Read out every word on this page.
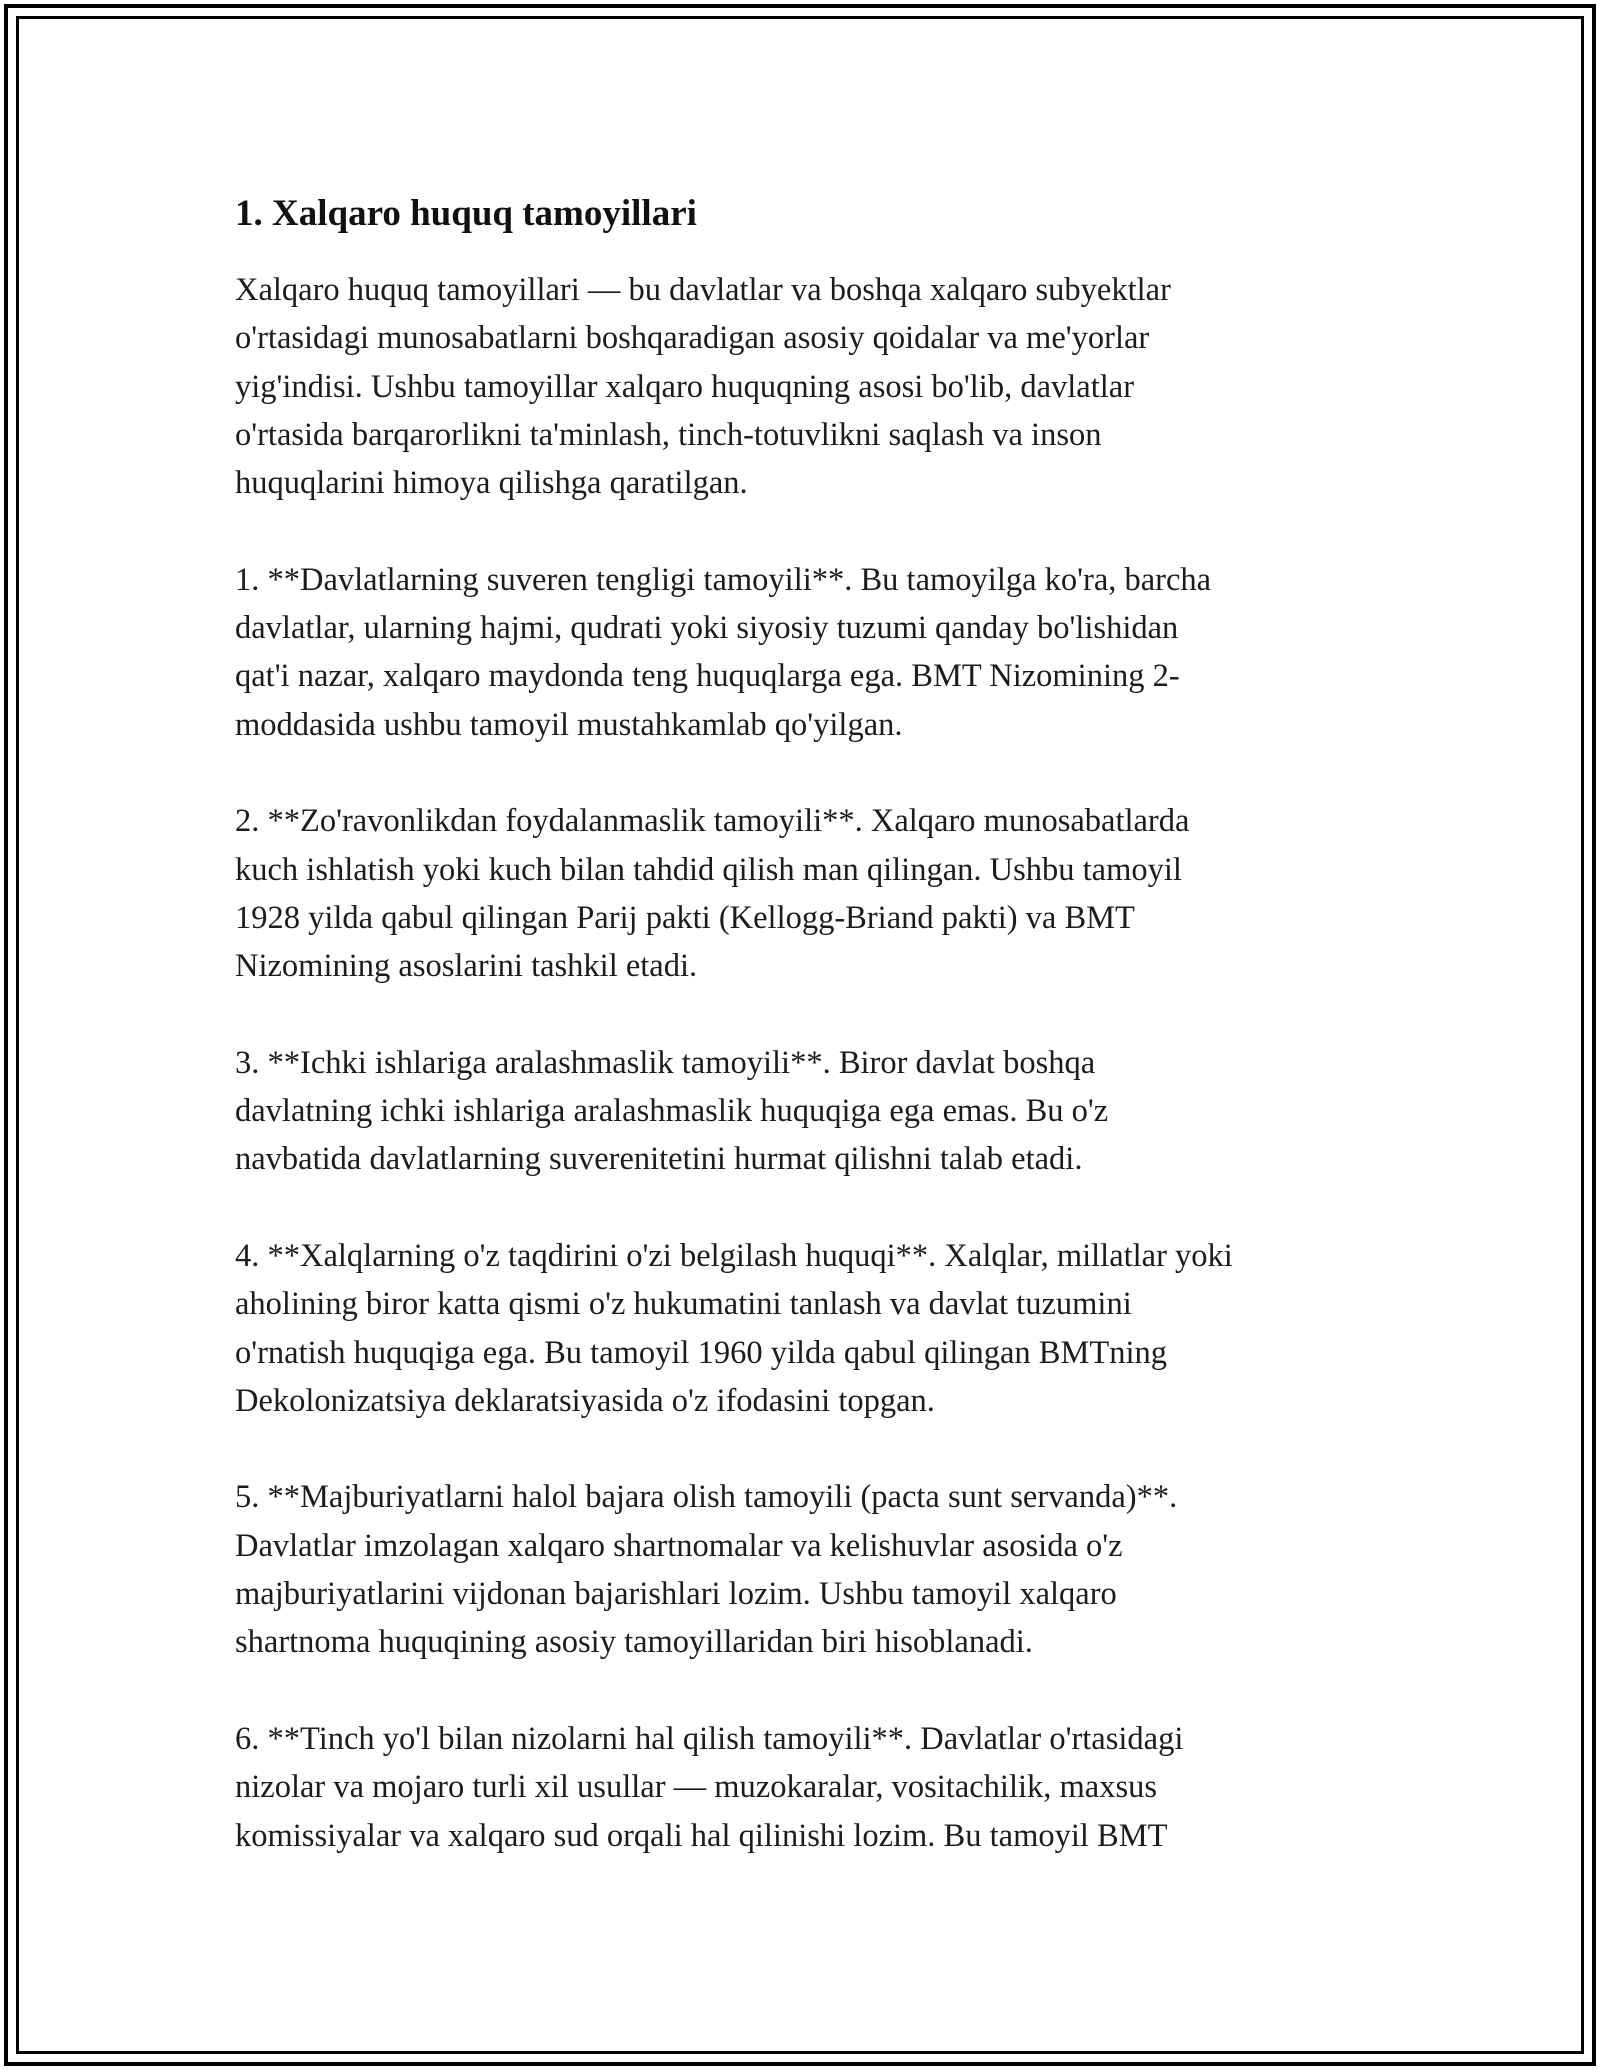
1. Xalqaro huquq tamoyillari
Xalqaro huquq tamoyillari — bu davlatlar va boshqa xalqaro subyektlar
o'rtasidagi munosabatlarni boshqaradigan asosiy qoidalar va me'yorlar
yig'indisi. Ushbu tamoyillar xalqaro huquqning asosi bo'lib, davlatlar
o'rtasida barqarorlikni ta'minlash, tinch-totuvlikni saqlash va inson
huquqlarini himoya qilishga qaratilgan.
1. **Davlatlarning suveren tengligi tamoyili**. Bu tamoyilga ko'ra, barcha
davlatlar, ularning hajmi, qudrati yoki siyosiy tuzumi qanday bo'lishidan
qat'i nazar, xalqaro maydonda teng huquqlarga ega. BMT Nizomining 2-
moddasida ushbu tamoyil mustahkamlab qo'yilgan.
2. **Zo'ravonlikdan foydalanmaslik tamoyili**. Xalqaro munosabatlarda
kuch ishlatish yoki kuch bilan tahdid qilish man qilingan. Ushbu tamoyil
1928 yilda qabul qilingan Parij pakti (Kellogg-Briand pakti) va BMT
Nizomining asoslarini tashkil etadi.
3. **Ichki ishlariga aralashmaslik tamoyili**. Biror davlat boshqa
davlatning ichki ishlariga aralashmaslik huquqiga ega emas. Bu o'z
navbatida davlatlarning suverenitetini hurmat qilishni talab etadi.
4. **Xalqlarning o'z taqdirini o'zi belgilash huquqi**. Xalqlar, millatlar yoki
aholining biror katta qismi o'z hukumatini tanlash va davlat tuzumini
o'rnatish huquqiga ega. Bu tamoyil 1960 yilda qabul qilingan BMTning
Dekolonizatsiya deklaratsiyasida o'z ifodasini topgan.
5. **Majburiyatlarni halol bajara olish tamoyili (pacta sunt servanda)**.
Davlatlar imzolagan xalqaro shartnomalar va kelishuvlar asosida o'z
majburiyatlarini vijdonan bajarishlari lozim. Ushbu tamoyil xalqaro
shartnoma huquqining asosiy tamoyillaridan biri hisoblanadi.
6. **Tinch yo'l bilan nizolarni hal qilish tamoyili**. Davlatlar o'rtasidagi
nizolar va mojaro turli xil usullar — muzokaralar, vositachilik, maxsus
komissiyalar va xalqaro sud orqali hal qilinishi lozim. Bu tamoyil BMT
